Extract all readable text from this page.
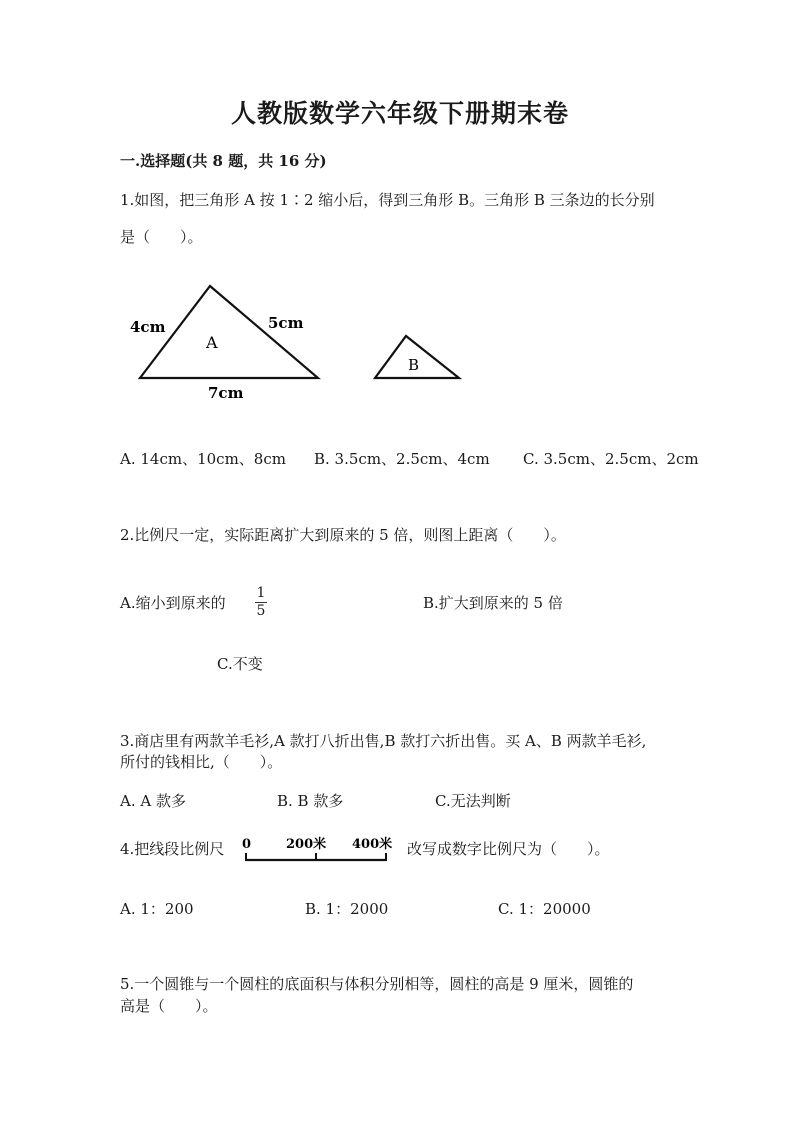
人教版数学六年级下册期末卷
一.选择题(共 8 题，共 16 分)
1.如图，把三角形 A 按 1∶2 缩小后，得到三角形 B。三角形 B 三条边的长分别
是（　　）。
A
4cm	5cm
7cm
B
A. 14cm、10cm、8cm B. 3.5cm、2.5cm、4cm C. 3.5cm、2.5cm、2cm
2.比例尺一定，实际距离扩大到原来的 5 倍，则图上距离（　　）。
A.缩小到原来的
1
5	B.扩大到原来的 5 倍
C.不变
3.商店里有两款羊毛衫,A 款打八折出售,B 款打六折出售。买 A、B 两款羊毛衫,
所付的钱相比,（　　）。
A. A 款多	B. B 款多	C.无法判断
4.把线段比例尺 0	200米 400米 改写成数字比例尺为（　　）。
A. 1：200	B. 1：2000	C. 1：20000
5.一个圆锥与一个圆柱的底面积与体积分别相等，圆柱的高是 9 厘米，圆锥的
高是（　　）。
